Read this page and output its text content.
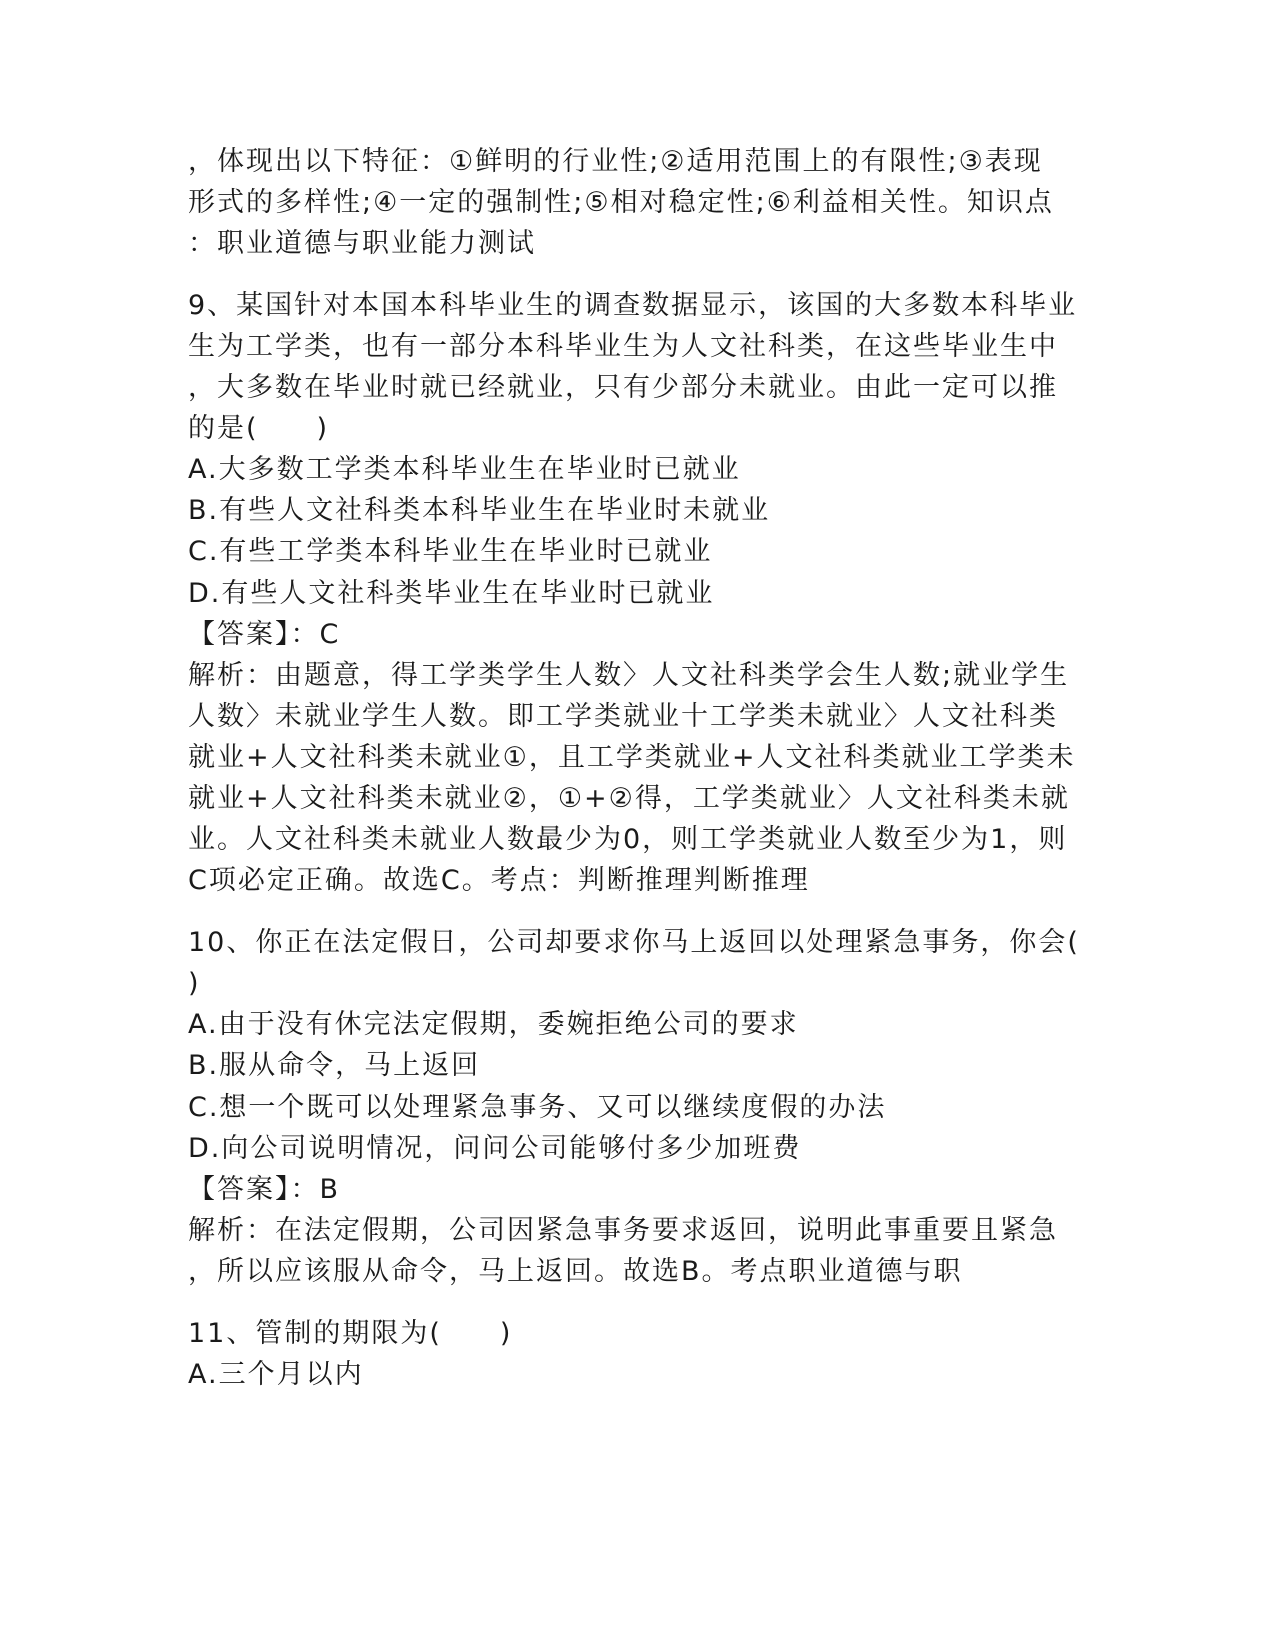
，体现出以下特征：①鲜明的行业性;②适用范围上的有限性;③表现
形式的多样性;④一定的强制性;⑤相对稳定性;⑥利益相关性。知识点
：职业道德与职业能力测试
9、某国针对本国本科毕业生的调查数据显示，该国的大多数本科毕业
生为工学类，也有一部分本科毕业生为人文社科类，在这些毕业生中
，大多数在毕业时就已经就业，只有少部分未就业。由此一定可以推
的是(　　)
A.大多数工学类本科毕业生在毕业时已就业
B.有些人文社科类本科毕业生在毕业时未就业
C.有些工学类本科毕业生在毕业时已就业
D.有些人文社科类毕业生在毕业时已就业
【答案】：C
解析：由题意，得工学类学生人数〉人文社科类学会生人数;就业学生
人数〉未就业学生人数。即工学类就业十工学类未就业〉人文社科类
就业+人文社科类未就业①，且工学类就业+人文社科类就业工学类未
就业+人文社科类未就业②，①+②得，工学类就业〉人文社科类未就
业。人文社科类未就业人数最少为0，则工学类就业人数至少为1，则
C项必定正确。故选C。考点：判断推理判断推理
10、你正在法定假日，公司却要求你马上返回以处理紧急事务，你会(
)
A.由于没有休完法定假期，委婉拒绝公司的要求
B.服从命令，马上返回
C.想一个既可以处理紧急事务、又可以继续度假的办法
D.向公司说明情况，问问公司能够付多少加班费
【答案】：B
解析：在法定假期，公司因紧急事务要求返回，说明此事重要且紧急
，所以应该服从命令，马上返回。故选B。考点职业道德与职
11、管制的期限为(　　)
A.三个月以内
